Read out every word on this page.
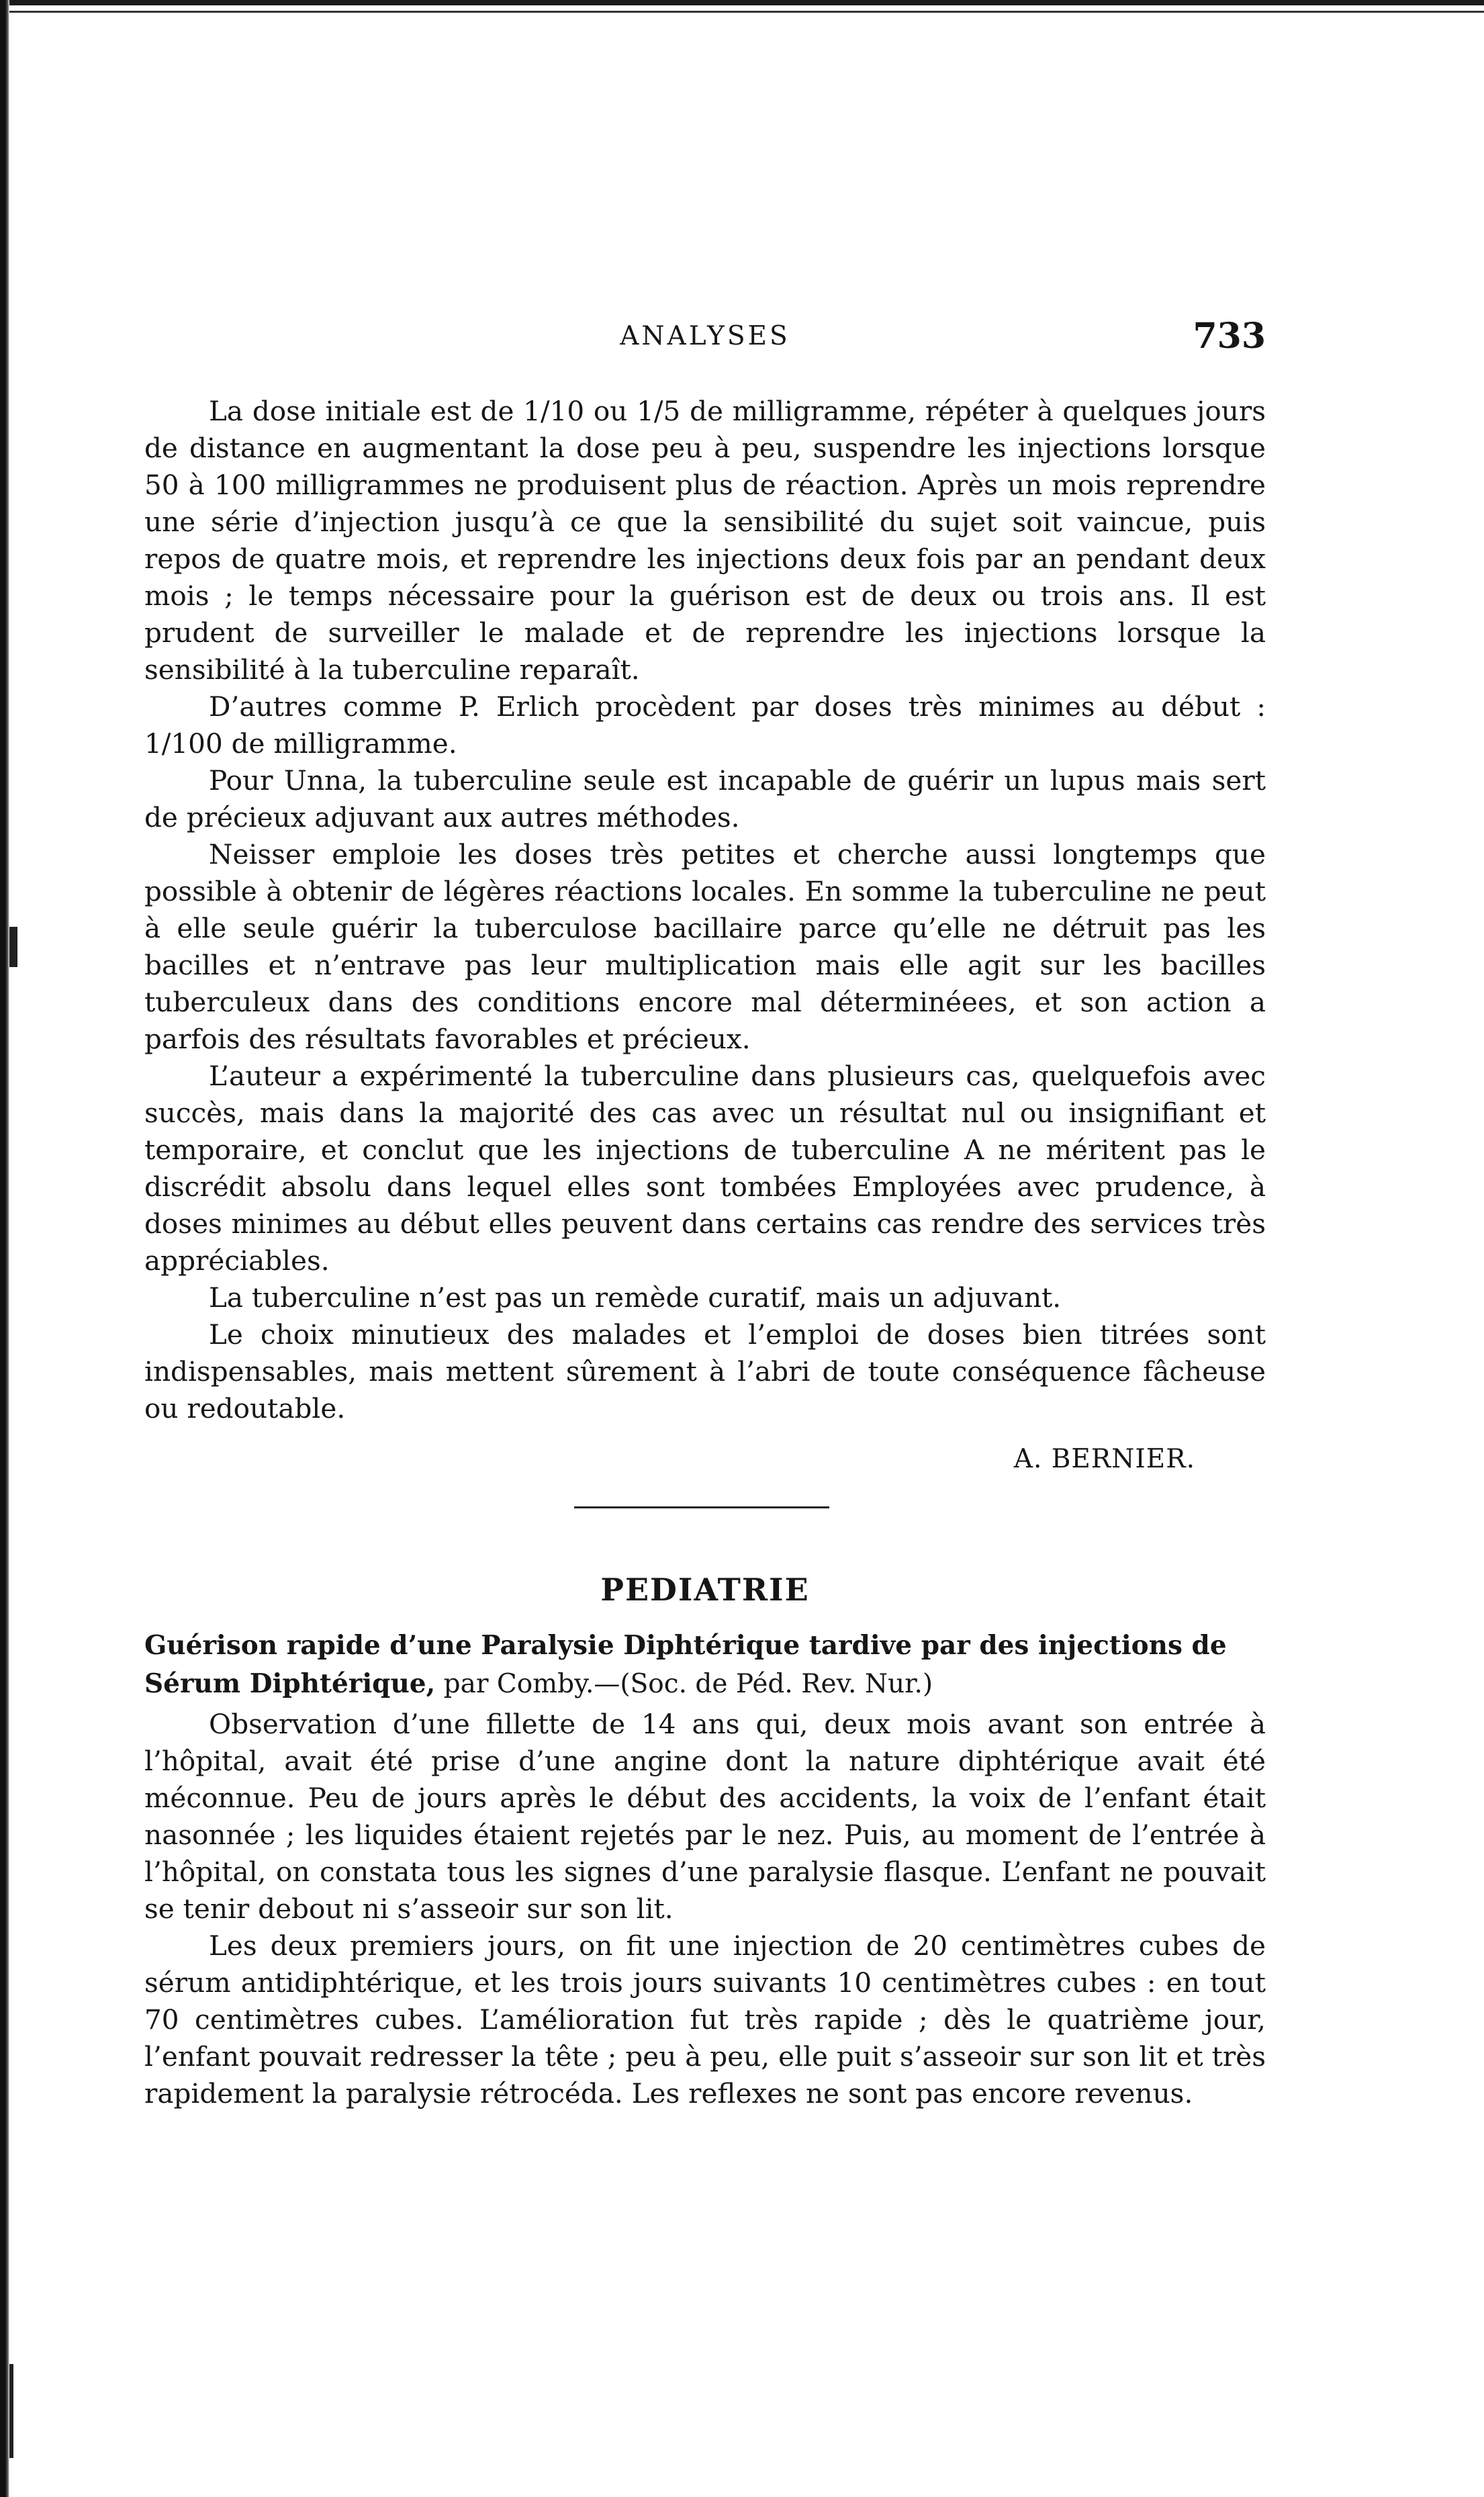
ANALYSES	733

La dose initiale est de 1/10 ou 1/5 de milligramme, répéter à quelques jours de distance en augmentant la dose peu à peu, suspendre les injections lorsque 50 à 100 milligrammes ne produisent plus de réaction. Après un mois reprendre une série d’injection jusqu’à ce que la sensibilité du sujet soit vaincue, puis repos de quatre mois, et reprendre les injections deux fois par an pendant deux mois ; le temps nécessaire pour la guérison est de deux ou trois ans. Il est prudent de surveiller le malade et de reprendre les injections lorsque la sensibilité à la tuberculine reparaît.

D’autres comme P. Erlich procèdent par doses très minimes au début : 1/100 de milligramme.

Pour Unna, la tuberculine seule est incapable de guérir un lupus mais sert de précieux adjuvant aux autres méthodes.

Neisser emploie les doses très petites et cherche aussi longtemps que possible à obtenir de légères réactions locales. En somme la tuberculine ne peut à elle seule guérir la tuberculose bacillaire parce qu’elle ne détruit pas les bacilles et n’entrave pas leur multiplication mais elle agit sur les bacilles tuberculeux dans des conditions encore mal déterminéees, et son action a parfois des résultats favorables et précieux.

L’auteur a expérimenté la tuberculine dans plusieurs cas, quelquefois avec succès, mais dans la majorité des cas avec un résultat nul ou insignifiant et temporaire, et conclut que les injections de tuberculine A ne méritent pas le discrédit absolu dans lequel elles sont tombées Employées avec prudence, à doses minimes au début elles peuvent dans certains cas rendre des services très appréciables.

La tuberculine n’est pas un remède curatif, mais un adjuvant.

Le choix minutieux des malades et l’emploi de doses bien titrées sont indispensables, mais mettent sûrement à l’abri de toute conséquence fâcheuse ou redoutable.

A. BERNIER.
PEDIATRIE
Guérison rapide d’une Paralysie Diphtérique tardive par des injections de Sérum Diphtérique, par Comby.—(Soc. de Péd. Rev. Nur.)

Observation d’une fillette de 14 ans qui, deux mois avant son entrée à l’hôpital, avait été prise d’une angine dont la nature diphtérique avait été méconnue. Peu de jours après le début des accidents, la voix de l’enfant était nasonnée ; les liquides étaient rejetés par le nez. Puis, au moment de l’entrée à l’hôpital, on constata tous les signes d’une paralysie flasque. L’enfant ne pouvait se tenir debout ni s’asseoir sur son lit.

Les deux premiers jours, on fit une injection de 20 centimètres cubes de sérum antidiphtérique, et les trois jours suivants 10 centimètres cubes : en tout 70 centimètres cubes. L’amélioration fut très rapide ; dès le quatrième jour, l’enfant pouvait redresser la tête ; peu à peu, elle puit s’asseoir sur son lit et très rapidement la paralysie rétrocéda. Les reflexes ne sont pas encore revenus.
